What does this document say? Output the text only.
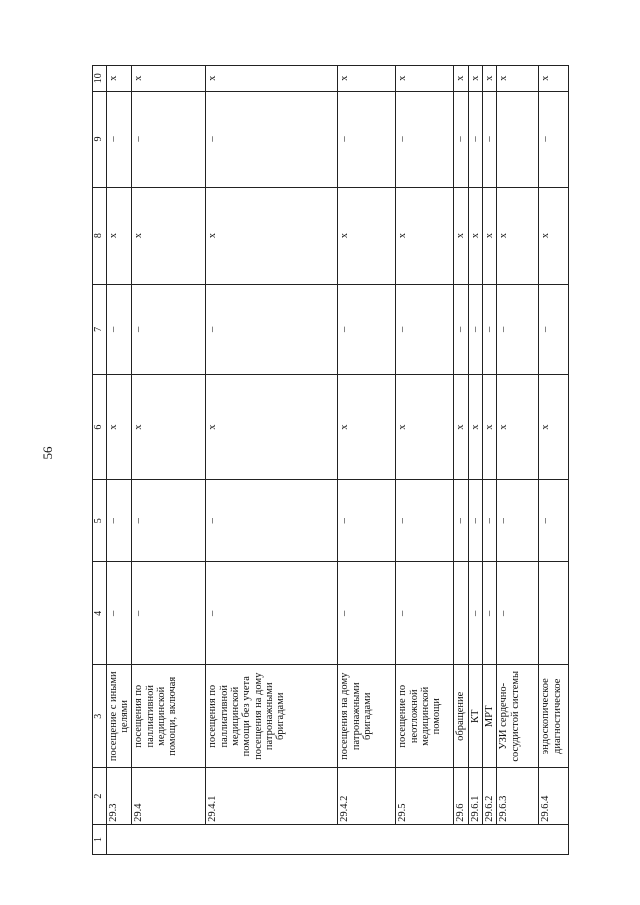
56
1	2	3	4	5	6	7	8	9	10
	29.3	посещение с иными целями	–	–	х	–	х	–	х
	29.4	посещения по паллиативной медицинской помощи, включая	–	–	х	–	х	–	х
	29.4.1	посещения по паллиативной медицинской помощи без учета посещения на дому патронажными бригадами	–	–	х	–	х	–	х
	29.4.2	посещения на дому патронажными бригадами	–	–	х	–	х	–	х
	29.5	посещение по неотложной медицинской помощи	–	–	х	–	х	–	х
	29.6	обращение		–	х	–	х	–	х
	29.6.1	КТ	–	–	х	–	х	–	х
	29.6.2	МРТ	–	–	х	–	х	–	х
	29.6.3	УЗИ сердечно-сосудистой системы	–	–	х	–	х		х
	29.6.4	эндоскопическое диагностическое		–	х	–	х	–	х
